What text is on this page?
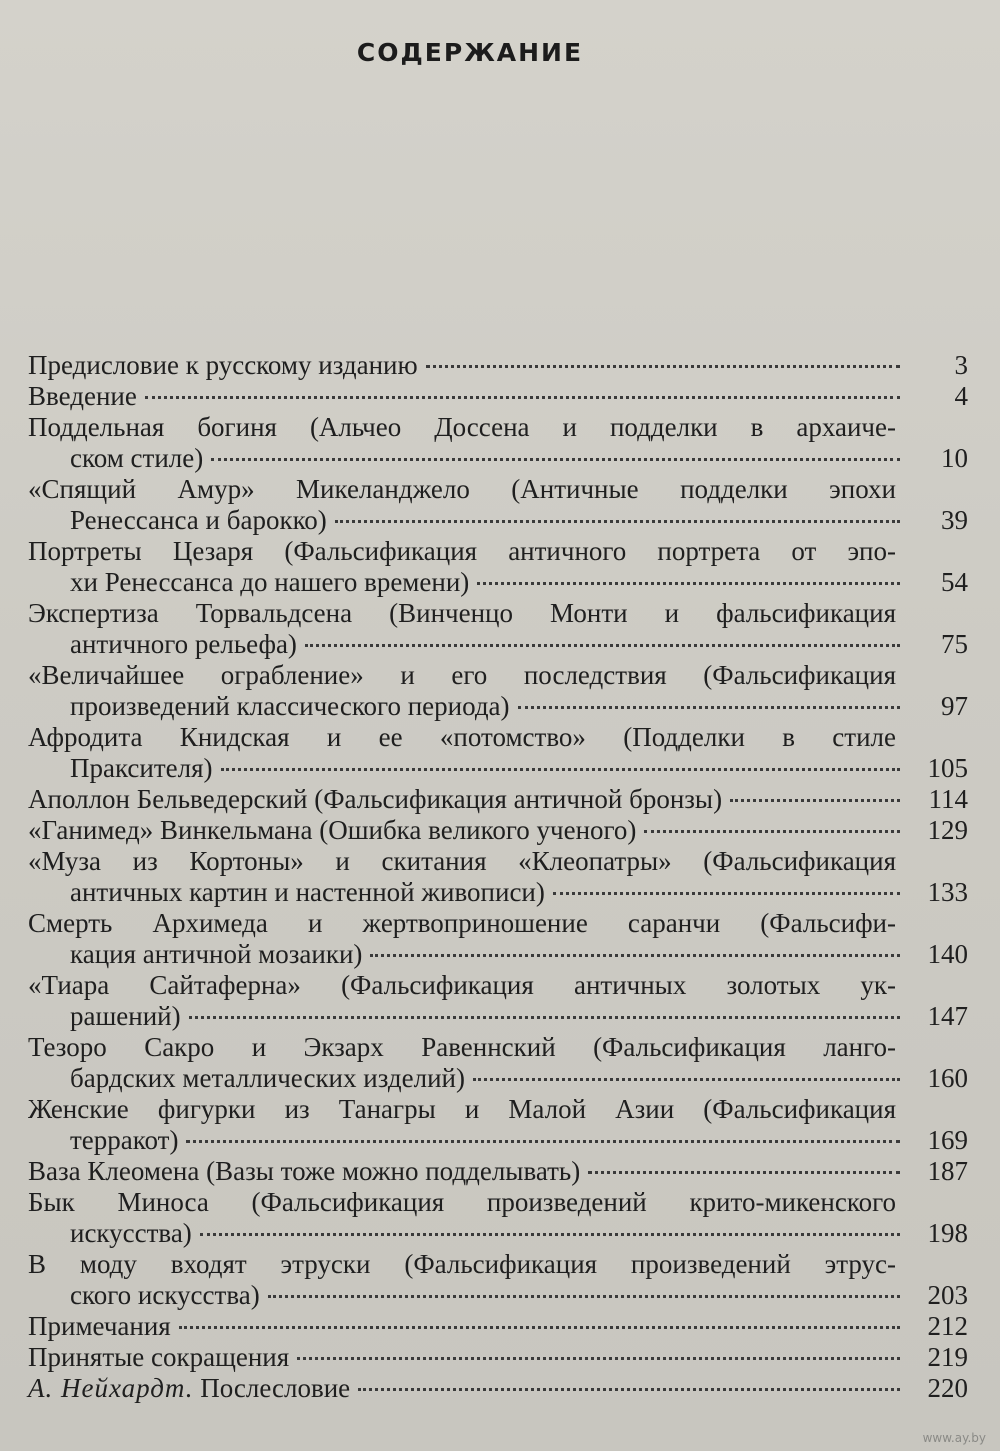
СОДЕРЖАНИЕ
Предисловие к русскому изданию	3
Введение	4
Поддельная богиня (Альчео Доссена и подделки в архаиче-
ском стиле)	10
«Спящий Амур» Микеланджело (Античные подделки эпохи
Ренессанса и барокко)	39
Портреты Цезаря (Фальсификация античного портрета от эпо-
хи Ренессанса до нашего времени)	54
Экспертиза Торвальдсена (Винченцо Монти и фальсификация
античного рельефа)	75
«Величайшее ограбление» и его последствия (Фальсификация
произведений классического периода)	97
Афродита Книдская и ее «потомство» (Подделки в стиле
Праксителя)	105
Аполлон Бельведерский (Фальсификация античной бронзы)	114
«Ганимед» Винкельмана (Ошибка великого ученого)	129
«Муза из Кортоны» и скитания «Клеопатры» (Фальсификация
античных картин и настенной живописи)	133
Смерть Архимеда и жертвоприношение саранчи (Фальсифи-
кация античной мозаики)	140
«Тиара Сайтаферна» (Фальсификация античных золотых ук-
рашений)	147
Тезоро Сакро и Экзарх Равеннский (Фальсификация ланго-
бардских металлических изделий)	160
Женские фигурки из Танагры и Малой Азии (Фальсификация
терракот)	169
Ваза Клеомена (Вазы тоже можно подделывать)	187
Бык Миноса (Фальсификация произведений крито-микенского
искусства)	198
В моду входят этруски (Фальсификация произведений этрус-
ского искусства)	203
Примечания	212
Принятые сокращения	219
А. Нейхардт. Послесловие	220
www.ay.by
